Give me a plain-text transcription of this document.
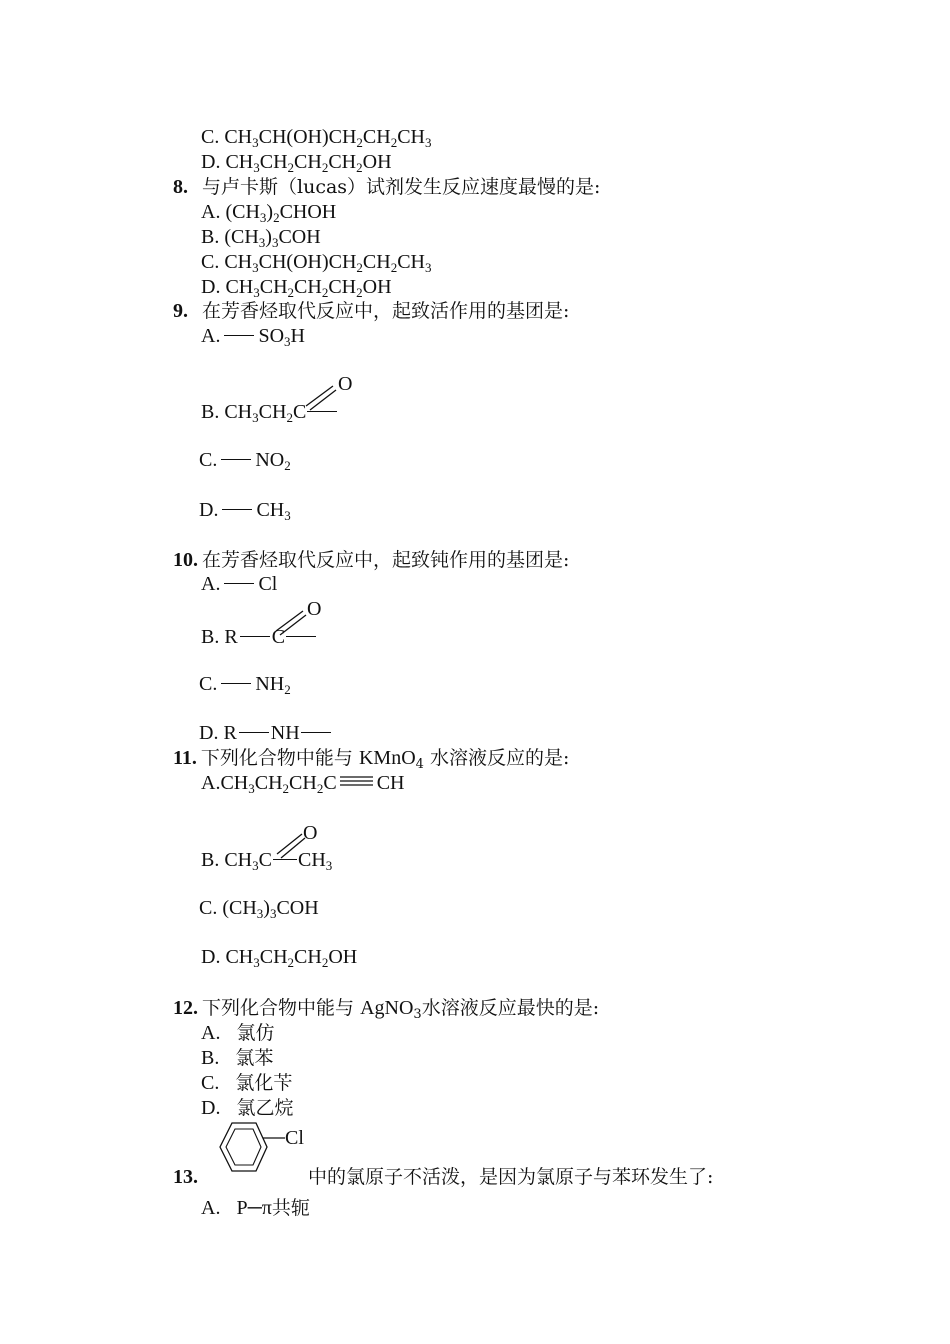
C. $CH_3CH(OH)CH_2CH_2CH_3$
D. $CH_3CH_2CH_2CH_2OH$
8. 与卢卡斯（lucas）试剂发生反应速度最慢的是:
A. $(CH_3)_2CHOH$
B. $(CH_3)_3COH$
C. $CH_3CH(OH)CH_2CH_2CH_3$
D. $CH_3CH_2CH_2CH_2OH$
9. 在芳香烃取代反应中，起致活作用的基团是:
A. $SO_3H$
B. $CH_3CH_2C$
O
C. $NO_2$
D. $CH_3$
10. 在芳香烃取代反应中，起致钝作用的基团是:
A. Cl
B. R C
O
C. $NH_2$
D. R NH
11. 下列化合物中能与 KMnO$_4$ 水溶液反应的是:
$A.CH_3CH_2CH_2C$ CH
B. $CH_3C$ $CH_3$
O
C. $(CH_3)_3COH$
D. $CH_3CH_2CH_2OH$
12. 下列化合物中能与 AgNO$_3$水溶液反应最快的是:
A. 氯仿
B. 氯苯
C. 氯化苄
D. 氯乙烷
Cl
13.	中的氯原子不活泼，是因为氯原子与苯环发生了:
A. P─π共轭
